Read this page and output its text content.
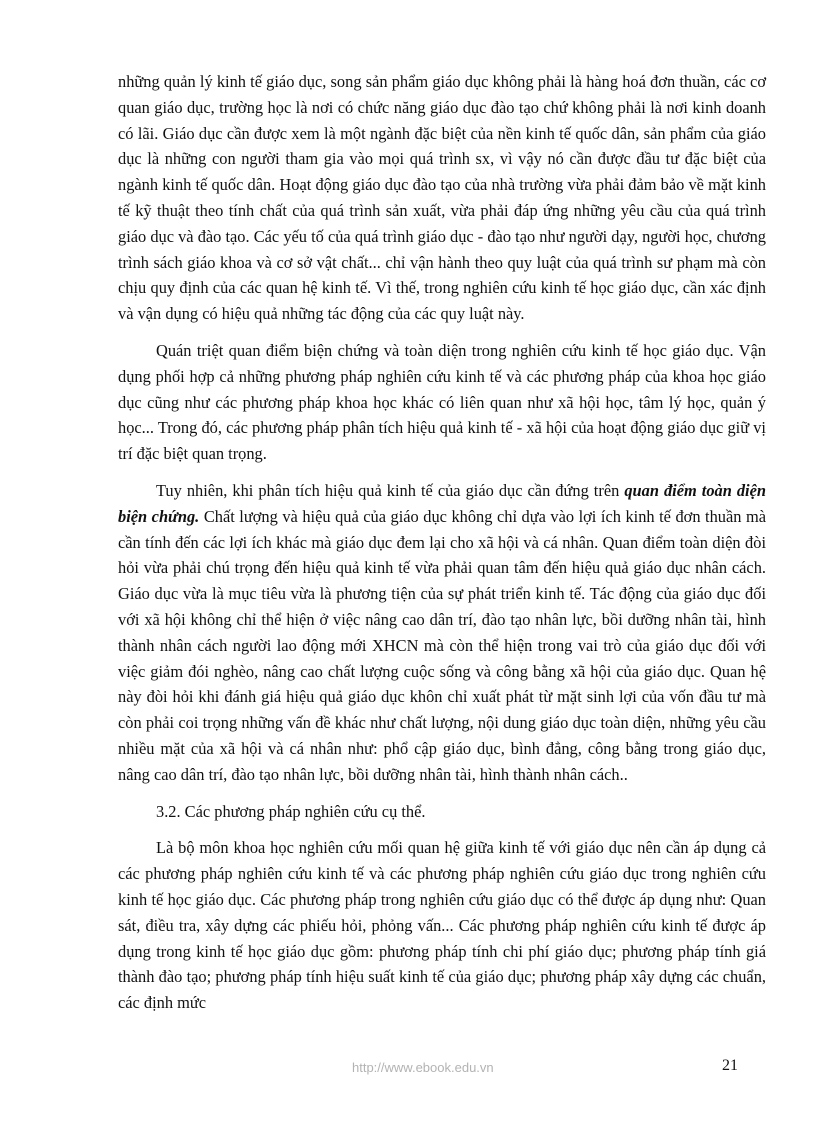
những quản lý kinh tế giáo dục, song sản phẩm giáo dục không phải là hàng hoá đơn thuần, các cơ quan giáo dục, trường học là nơi có chức năng giáo dục đào tạo chứ không phải là nơi kinh doanh có lãi. Giáo dục cần được xem là một ngành đặc biệt của nền kinh tế quốc dân, sản phẩm của giáo dục là những con người tham gia vào mọi quá trình sx, vì vậy nó cần được đầu tư đặc biệt của ngành kinh tế quốc dân. Hoạt động giáo dục đào tạo của nhà trường vừa phải đảm bảo về mặt kinh tế kỹ thuật theo tính chất của quá trình sản xuất, vừa phải đáp ứng những yêu cầu của quá trình giáo dục và đào tạo. Các yếu tố của quá trình giáo dục - đào tạo như người dạy, người học, chương trình sách giáo khoa và cơ sở vật chất... chỉ vận hành theo quy luật của quá trình sư phạm mà còn chịu quy định của các quan hệ kinh tế. Vì thế, trong nghiên cứu kinh tế học giáo dục, cần xác định và vận dụng có hiệu quả những tác động của các quy luật này.

Quán triệt quan điểm biện chứng và toàn diện trong nghiên cứu kinh tế học giáo dục. Vận dụng phối hợp cả những phương pháp nghiên cứu kinh tế và các phương pháp của khoa học giáo dục cũng như các phương pháp khoa học khác có liên quan như xã hội học, tâm lý học, quản ý học... Trong đó, các phương pháp phân tích hiệu quả kinh tế - xã hội của hoạt động giáo dục giữ vị trí đặc biệt quan trọng.

Tuy nhiên, khi phân tích hiệu quả kinh tế của giáo dục cần đứng trên quan điểm toàn diện biện chứng. Chất lượng và hiệu quả của giáo dục không chỉ dựa vào lợi ích kinh tế đơn thuần mà cần tính đến các lợi ích khác mà giáo dục đem lại cho xã hội và cá nhân. Quan điểm toàn diện đòi hỏi vừa phải chú trọng đến hiệu quả kinh tế vừa phải quan tâm đến hiệu quả giáo dục nhân cách. Giáo dục vừa là mục tiêu vừa là phương tiện của sự phát triển kinh tế. Tác động của giáo dục đối với xã hội không chỉ thể hiện ở việc nâng cao dân trí, đào tạo nhân lực, bồi dưỡng nhân tài, hình thành nhân cách người lao động mới XHCN mà còn thể hiện trong vai trò của giáo dục đối với việc giảm đói nghèo, nâng cao chất lượng cuộc sống và công bằng xã hội của giáo dục. Quan hệ này đòi hỏi khi đánh giá hiệu quả giáo dục khôn chỉ xuất phát từ mặt sinh lợi của vốn đầu tư mà còn phải coi trọng những vấn đề khác như chất lượng, nội dung giáo dục toàn diện, những yêu cầu nhiều mặt của xã hội và cá nhân như: phổ cập giáo dục, bình đẳng, công bằng trong giáo dục, nâng cao dân trí, đào tạo nhân lực, bồi dưỡng nhân tài, hình thành nhân cách..

3.2. Các phương pháp nghiên cứu cụ thể.

Là bộ môn khoa học nghiên cứu mối quan hệ giữa kinh tế với giáo dục nên cần áp dụng cả các phương pháp nghiên cứu kinh tế và các phương pháp nghiên cứu giáo dục trong nghiên cứu kinh tế học giáo dục. Các phương pháp trong nghiên cứu giáo dục có thể được áp dụng như: Quan sát, điều tra, xây dựng các phiếu hỏi, phỏng vấn... Các phương pháp nghiên cứu kinh tế được áp dụng trong kinh tế học giáo dục gồm: phương pháp tính chi phí giáo dục; phương pháp tính giá thành đào tạo; phương pháp tính hiệu suất kinh tế của giáo dục; phương pháp xây dựng các chuẩn, các định mức

http://www.ebook.edu.vn	21
